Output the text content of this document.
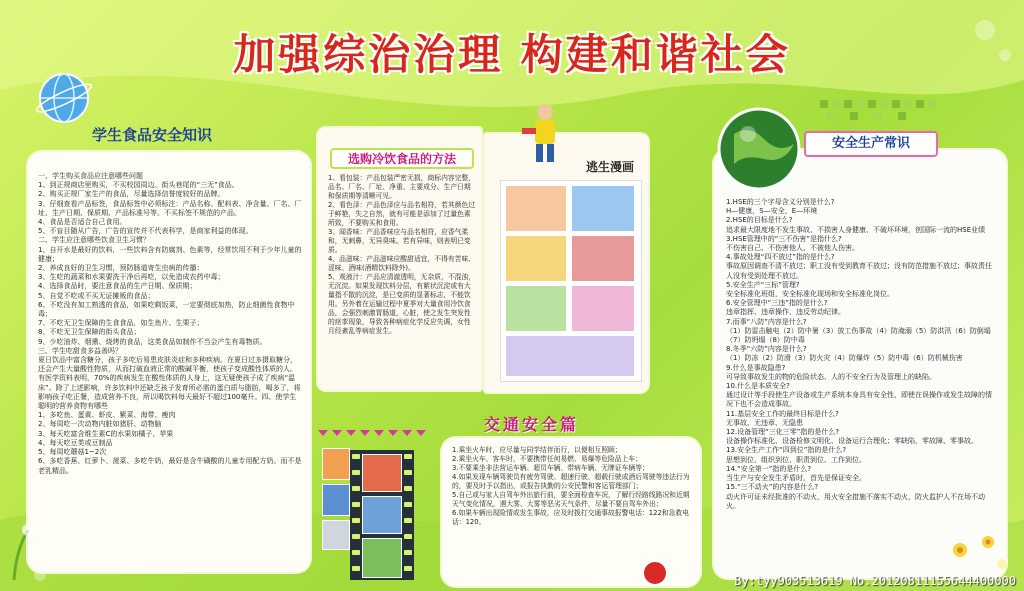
加强综治治理 构建和谐社会
一、学生购买食品应注意哪些问题
1、到正规商店里购买，不买校园周边、街头巷尾的“三无”食品。
2、购买正规厂家生产的食品，尽量选择信誉度较好的品牌。
3、仔细查看产品标签，食品标签中必须标注：产品名称、配料表、净含量、厂名、厂址、生产日期、保质期、产品标准号等。不买标签不规范的产品。
4、食品是否适合自己食用。
5、不盲目随从广告，广告的宣传并不代表科学，是商家利益的体现。
二、学生应注意哪些饮食卫生习惯？
1、自开水是最好的饮料，一些饮料含有防腐剂、色素等，经常饮用不利于少年儿童的健康；
2、养成良好的卫生习惯，预防肠道寄生虫病的传播；
3、生吃的蔬菜和水果要洗干净后再吃，以免造成农药中毒；
4、选择食品时，要注意食品的生产日期、保质期；
5、自觉不吃或不买无证摊贩的食品；
6、不吃没有加工熟透的食品，如果吃剩饭菜，一定要彻底加热，防止细菌性食物中毒；
7、不吃无卫生保障的生食食品，如生鱼片、生栗子；
8、不吃无卫生保障的街头食品；
9、少吃油炸、烟熏、烧烤的食品，这类食品如制作不当会产生有毒物质。
三、学生吃甜食多益善吗？
夏日饮品中富含糖分，孩子多吃后易患皮肤炎症和多种疾病。在夏日过多摄取糖分，还会产生大量酸性物质，从而打破血液正常的酸碱平衡，使孩子变成酸性体质的人。有医学资料表明，70%的疾病发生在酸性体质的人身上，这无疑使孩子成了疾病“温床”。除了上述影响，许多饮料中还缺乏孩子发育所必需的蛋白质与脂肪，喝多了，将影响孩子吃正餐，造成营养不良，所以喝饮料每天最好不超过100毫升。四、使学生聪明的营养食物有哪些
1、多吃鱼、蛋黄、虾皮、紫菜、海带、瘦肉
2、每周吃一次动物内脏如猪肝、动物脑
3、每天吃富含维生素C的水果如橘子、苹果
4、每天吃豆类或豆制品
5、每周吃蘑菇1~2次
6、多吃香蕉、红萝卜、菠菜、多吃牛奶，最好是含牛磺酸的儿童专用配方奶。而不是老乳精品。
学生食品安全知识
选购冷饮食品的方法
1、看包装：产品包装严密无损，商标内容完整，品名、厂名、厂址、净重、主要成分、生产日期和保质期等清晰可见。
2、看色泽：产品色泽应与品名相符，若其颜色过于鲜艳，失之自然，就有可能是添加了过量色素所致，不要购买和食用。
3、闻香味：产品香味应与品名相符，应香气柔和，无刺鼻，无异臭味。若有异味，则表明已变质。
4、品滋味：产品滋味应酸甜适宜，不得有苦味、涩味、酒味(酒精饮料除外)。
5、观液汁：产品应清澈透明，无杂质，不混浊，无沉淀。如果发现饮料分层，有絮状沉淀或有大量指不散的沉淀，是已变质的显著标志，不能饮用。另外着在运输过程中夏季对大量食用冷饮食品，会强烈刺激胃肠道，心脏，使之发生突发性的痉挛现象，导致各种病症化学反应失调，女性月经紊乱等病症发生。
逃生漫画
1.HSE的三个字母含义分别是什么?
H—健康，S—安全，E—环境
2.HSE的目标是什么?
追求最大限度地不发生事故、不损害人身健康、不破坏环境，创国际一流的HSE业绩
3.HSE管理中的“三不伤害”是指什么?
不伤害自己、不伤害他人、不被他人伤害。
4.事故处理“四不放过”指的是什么?
事故原因调查不清不放过；职工没有受到教育不放过；没有防范措施不放过；事故责任人没有受到处理不放过。
5.安全生产“三标”管理?
安全标准化班组，安全标准化现场和安全标准化岗位。
6.安全管理中“三违”指的是什么?
违章指挥、违章操作、违反劳动纪律。
7.而事“八防”内容是什么?
（1）防雷击触电（2）防中暑（3）放工伤事故（4）防淹溺（5）防洪汛（6）防倒塌（7）防坍塌（8）防中毒
8.冬季“六防”内容是什么?
（1）防冻（2）防滑（3）防火灾（4）防爆炸（5）防中毒（6）防机械伤害
9.什么是事故隐患?
可导致事故发生的物的危险状态、人的不安全行为及管理上的缺陷。
10.什么是本质安全?
通过设计等手段使生产设备或生产系统本身具有安全性，即使在误操作或发生故障的情况下也不会造成事故。
11.基层安全工作的最终目标是什么?
无事故、无违章、无隐患
12.设备管理“三化三零”指的是什么?
设备操作标准化、设备检修文明化、设备运行合理化；零缺陷、零故障、零事故。
13.安全生产工作“四到位”指的是什么?
思想到位、组织到位、职责到位、工作到位。
14.“安全第一”指的是什么?
当生产与安全发生矛盾时，首先是保证安全。
15.“三不动火”的内容是什么?
动火许可证未经批准的不动火，用火安全措施不落实不动火，防火监护人不在场不动火。
安全生产常识
1.乘坐火车时，应尽量与同学结伴而行，以便相互照顾；
2.乘坐火车、客车时，不要携带任何易燃、易爆等危险品上车；
3.不要乘坐非法营运车辆、超员车辆、带病车辆、无牌证车辆等；
4.如果发现车辆驾驶员有疲劳驾驶、超速行驶、超载行驶或酒后驾驶等违法行为的，要及时予以指出，或报告执勤的公安民警和客运管理部门；
5.自己或与家人自驾车外出旅行前，要全面检查车况，了解行经路线路况和近期天气变化情况，遇大雾、大雾等恶劣天气条件，尽量不要自驾车外出；
6.如果车辆出现险情或发生事故，应及时拨打交通事故报警电话：122和急救电话：120。
交通安全篇
By:tyy903513619 No.20120811155644400000
